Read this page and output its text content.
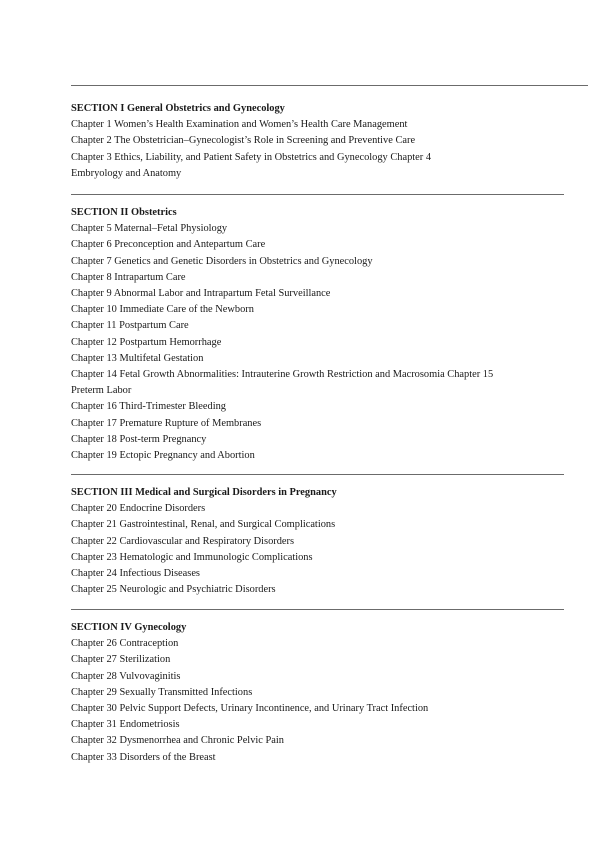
SECTION I General Obstetrics and Gynecology

Chapter 1 Women’s Health Examination and Women’s Health Care Management

Chapter 2 The Obstetrician–Gynecologist’s Role in Screening and Preventive Care

Chapter 3 Ethics, Liability, and Patient Safety in Obstetrics and Gynecology Chapter 4

Embryology and Anatomy

SECTION II Obstetrics

Chapter 5 Maternal–Fetal Physiology

Chapter 6 Preconception and Antepartum Care

Chapter 7 Genetics and Genetic Disorders in Obstetrics and Gynecology

Chapter 8 Intrapartum Care

Chapter 9 Abnormal Labor and Intrapartum Fetal Surveillance

Chapter 10 Immediate Care of the Newborn

Chapter 11 Postpartum Care

Chapter 12 Postpartum Hemorrhage

Chapter 13 Multifetal Gestation

Chapter 14 Fetal Growth Abnormalities: Intrauterine Growth Restriction and Macrosomia Chapter 15

Preterm Labor

Chapter 16 Third-Trimester Bleeding

Chapter 17 Premature Rupture of Membranes

Chapter 18 Post-term Pregnancy

Chapter 19 Ectopic Pregnancy and Abortion

SECTION III Medical and Surgical Disorders in Pregnancy

Chapter 20 Endocrine Disorders

Chapter 21 Gastrointestinal, Renal, and Surgical Complications

Chapter 22 Cardiovascular and Respiratory Disorders

Chapter 23 Hematologic and Immunologic Complications

Chapter 24 Infectious Diseases

Chapter 25 Neurologic and Psychiatric Disorders

SECTION IV Gynecology

Chapter 26 Contraception

Chapter 27 Sterilization

Chapter 28 Vulvovaginitis

Chapter 29 Sexually Transmitted Infections

Chapter 30 Pelvic Support Defects, Urinary Incontinence, and Urinary Tract Infection

Chapter 31 Endometriosis

Chapter 32 Dysmenorrhea and Chronic Pelvic Pain

Chapter 33 Disorders of the Breast
